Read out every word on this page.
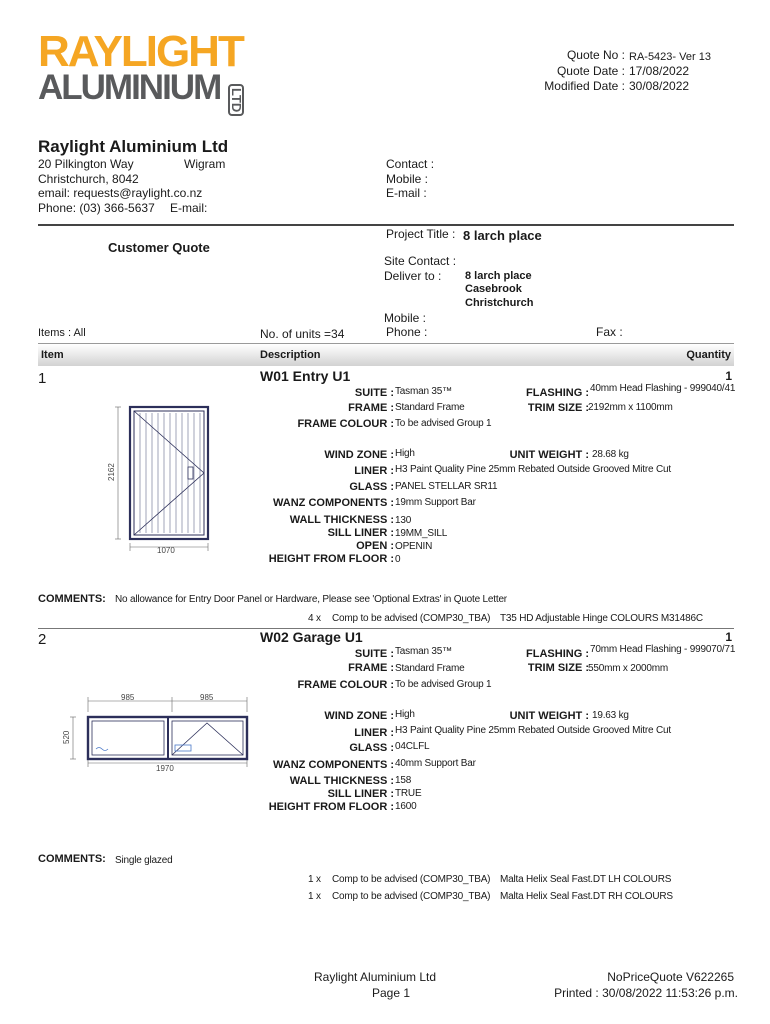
RAYLIGHT
ALUMINIUM LTD
Quote No : RA-5423- Ver 13
Quote Date : 17/08/2022
Modified Date : 30/08/2022
Raylight Aluminium Ltd
20 Pilkington Way	Wigram
Christchurch, 8042
email: requests@raylight.co.nz
Phone: (03) 366-5637 E-mail:
Contact :
Mobile :
E-mail :
Project Title : 8 larch place
Customer Quote
Site Contact :
Deliver to : 8 larch place
Casebrook
Christchurch
Mobile :
Items : All	No. of units =34	Phone :	Fax :
Item	Description	Quantity
1	W01 Entry U1	1
SUITE : Tasman 35™
FRAME : Standard Frame
FRAME COLOUR : To be advised Group 1
FLASHING : 40mm Head Flashing - 999040/41
TRIM SIZE : 2192mm x 1100mm
WIND ZONE : High	UNIT WEIGHT : 28.68 kg
LINER : H3 Paint Quality Pine 25mm Rebated Outside Grooved Mitre Cut
GLASS : PANEL STELLAR SR11
WANZ COMPONENTS : 19mm Support Bar
WALL THICKNESS : 130
SILL LINER : 19MM_SILL
OPEN : OPENIN
HEIGHT FROM FLOOR : 0
2162
1070
COMMENTS: No allowance for Entry Door Panel or Hardware, Please see 'Optional Extras' in Quote Letter
4 x Comp to be advised (COMP30_TBA) T35 HD Adjustable Hinge COLOURS M31486C
2	W02 Garage U1	1
SUITE : Tasman 35™
FRAME : Standard Frame
FRAME COLOUR : To be advised Group 1
FLASHING : 70mm Head Flashing - 999070/71
TRIM SIZE : 550mm x 2000mm
WIND ZONE : High	UNIT WEIGHT : 19.63 kg
LINER : H3 Paint Quality Pine 25mm Rebated Outside Grooved Mitre Cut
GLASS : 04CLFL
WANZ COMPONENTS : 40mm Support Bar
WALL THICKNESS : 158
SILL LINER : TRUE
HEIGHT FROM FLOOR : 1600
985	985
520
1970
COMMENTS: Single glazed
1 x Comp to be advised (COMP30_TBA) Malta Helix Seal Fast.DT LH COLOURS
1 x Comp to be advised (COMP30_TBA) Malta Helix Seal Fast.DT RH COLOURS
Raylight Aluminium Ltd
Page 1
NoPriceQuote V622265
Printed : 30/08/2022 11:53:26 p.m.
